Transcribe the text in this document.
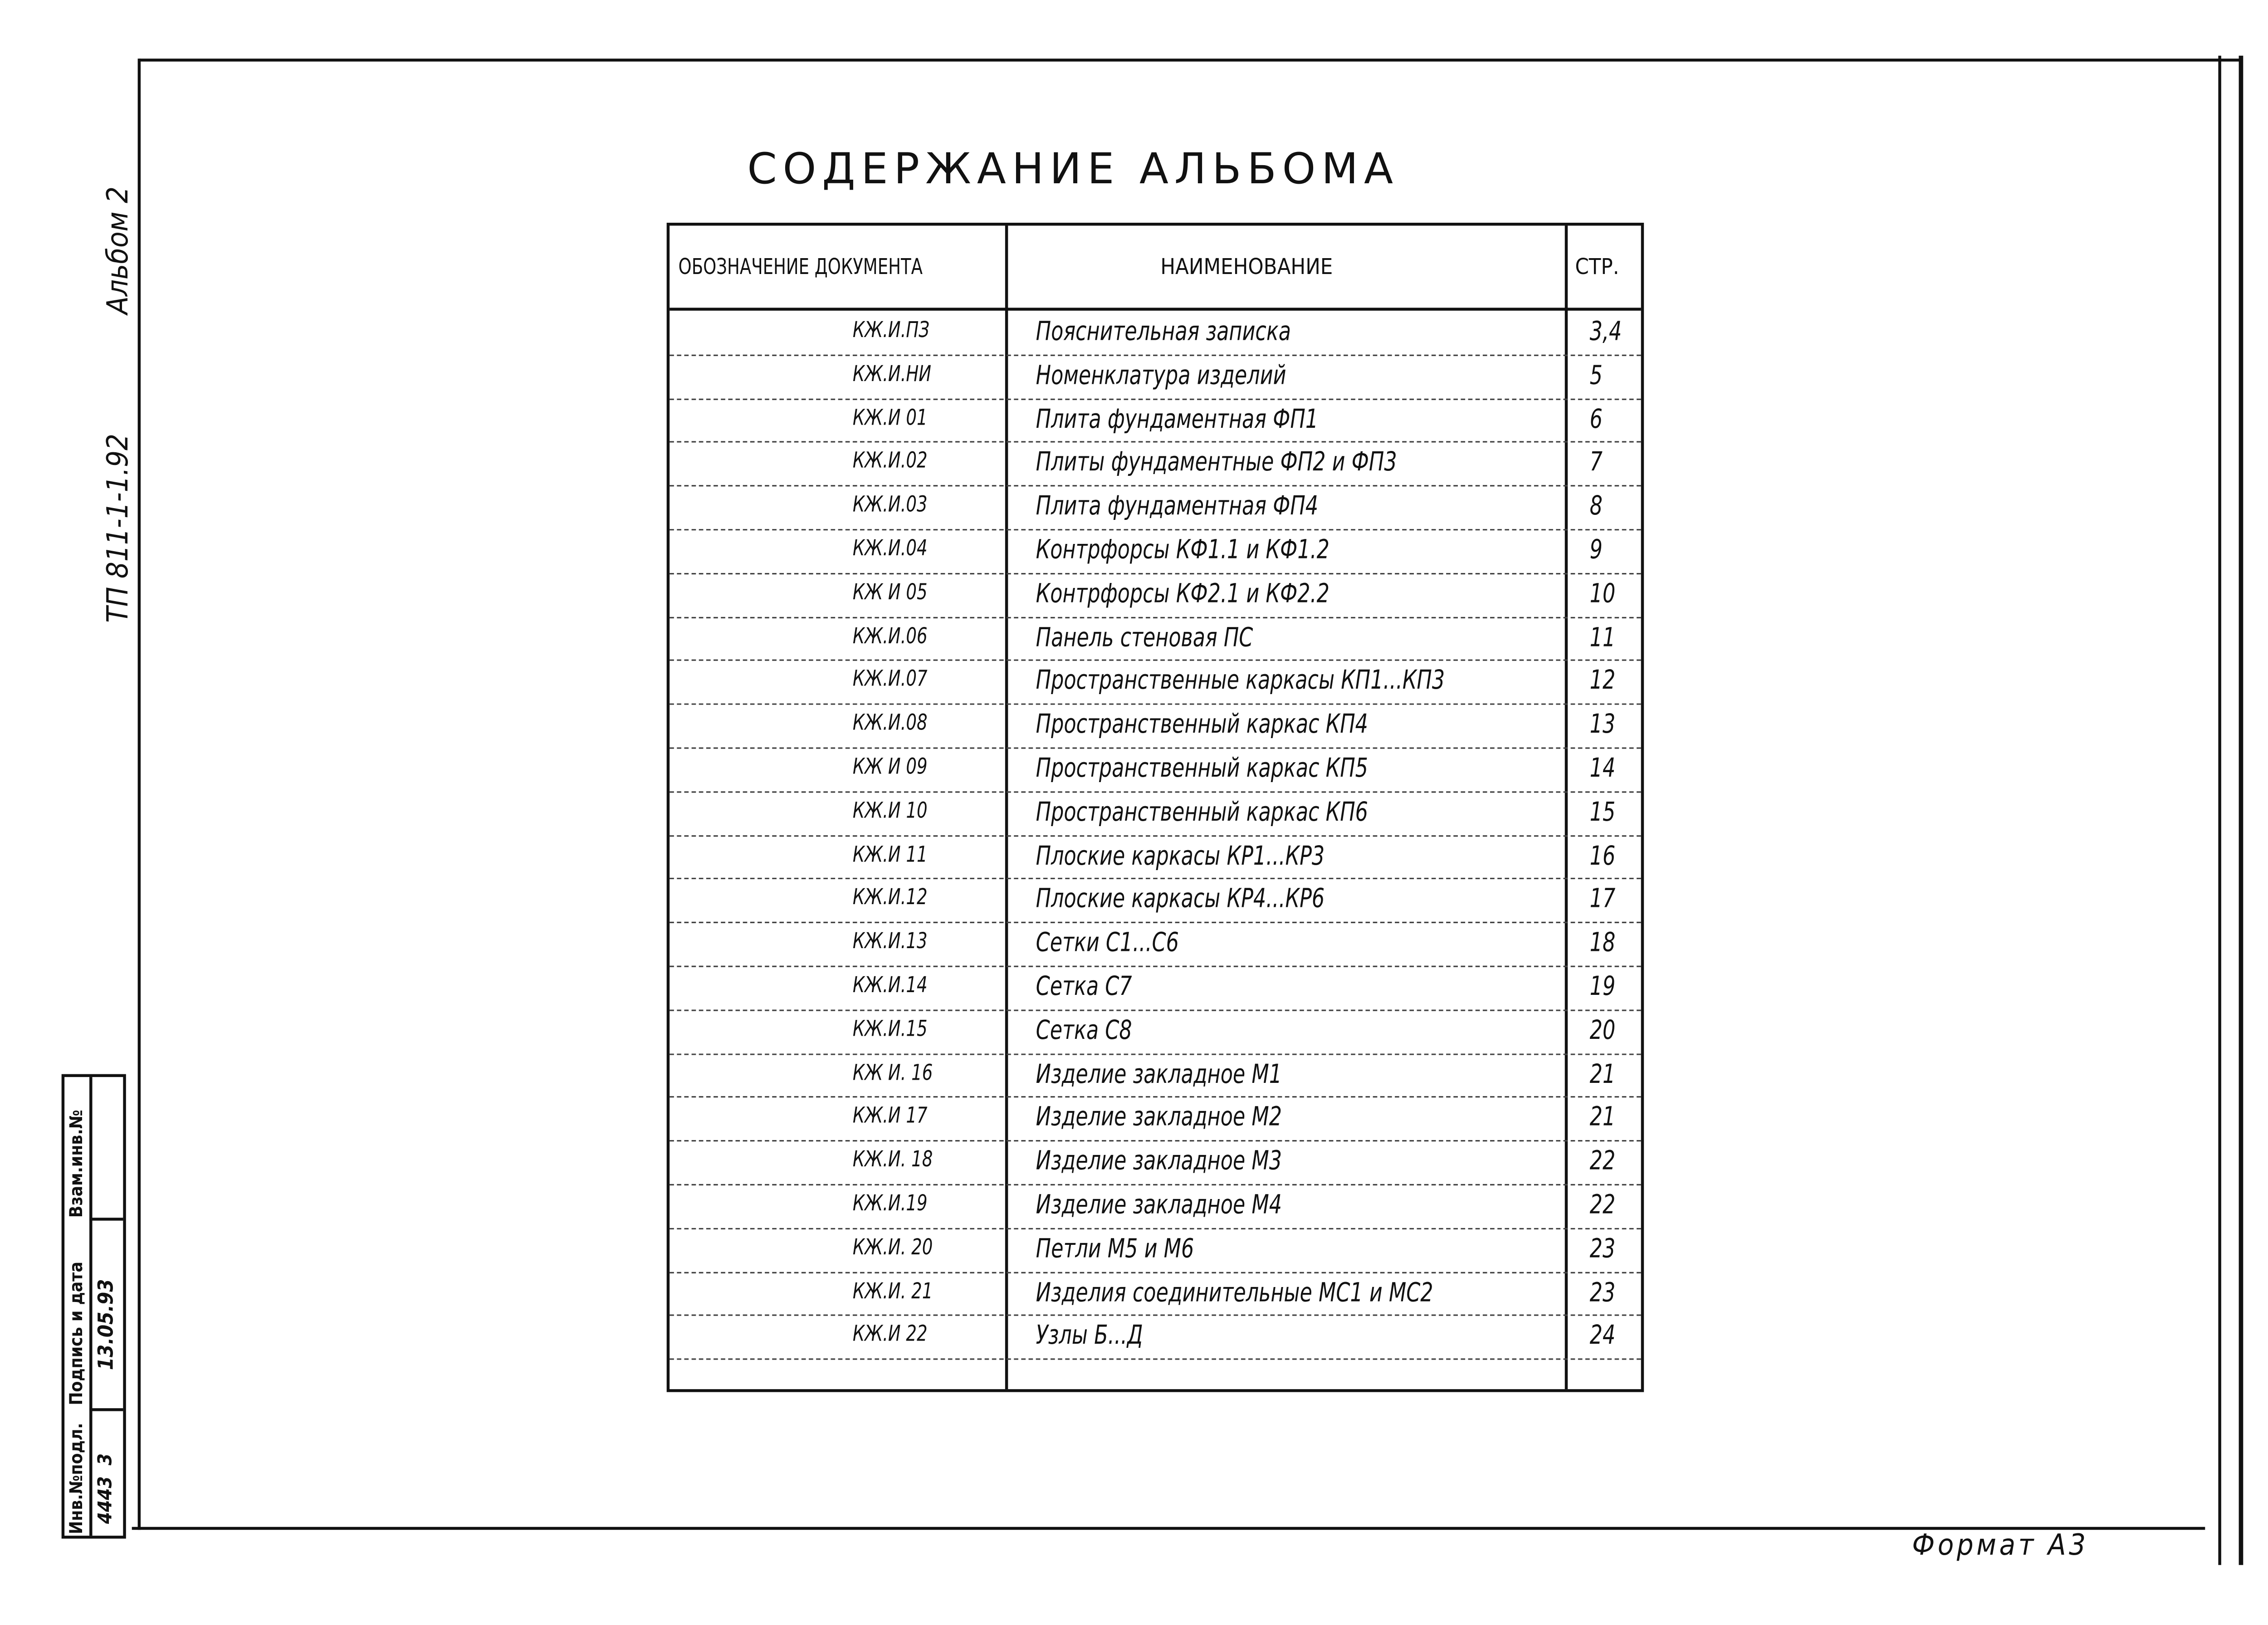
СОДЕРЖАНИЕ АЛЬБОМА
ТП 811-1-1.92  Альбом 2	ОБОЗНАЧЕНИЕ ДОКУМЕНТА	НАИМЕНОВАНИЕ	СТР.
КЖ.И.ПЗ	Пояснительная записка	3,4
КЖ.И.НИ	Номенклатура изделий	5
КЖ.И 01	Плита фундаментная ФП1	6
КЖ.И.02	Плиты фундаментные ФП2 и ФП3	7
КЖ.И.03	Плита фундаментная ФП4	8
КЖ.И.04	Контрфорсы КФ1.1 и КФ1.2	9
КЖ И 05	Контрфорсы КФ2.1 и КФ2.2	10
КЖ.И.06	Панель стеновая ПС	11
КЖ.И.07	Пространственные каркасы КП1...КП3	12
КЖ.И.08	Пространственный каркас КП4	13
КЖ И 09	Пространственный каркас КП5	14
КЖ.И 10	Пространственный каркас КП6	15
КЖ.И 11	Плоские каркасы КР1...КР3	16
КЖ.И.12	Плоские каркасы КР4...КР6	17
КЖ.И.13	Сетки С1...С6	18
КЖ.И.14	Сетка С7	19
КЖ.И.15	Сетка С8	20
КЖ И. 16	Изделие закладное М1	21
КЖ.И 17	Изделие закладное М2	21
КЖ.И. 18	Изделие закладное М3	22
КЖ.И.19	Изделие закладное М4	22
КЖ.И. 20	Петли М5 и М6	23
КЖ.И. 21	Изделия соединительные МС1 и МС2	23
КЖ.И 22	Узлы Б...Д	24
Взам.инв.№
Подпись и дата
Инв.№подл.
13.05.93
4443
3
Формат А3
